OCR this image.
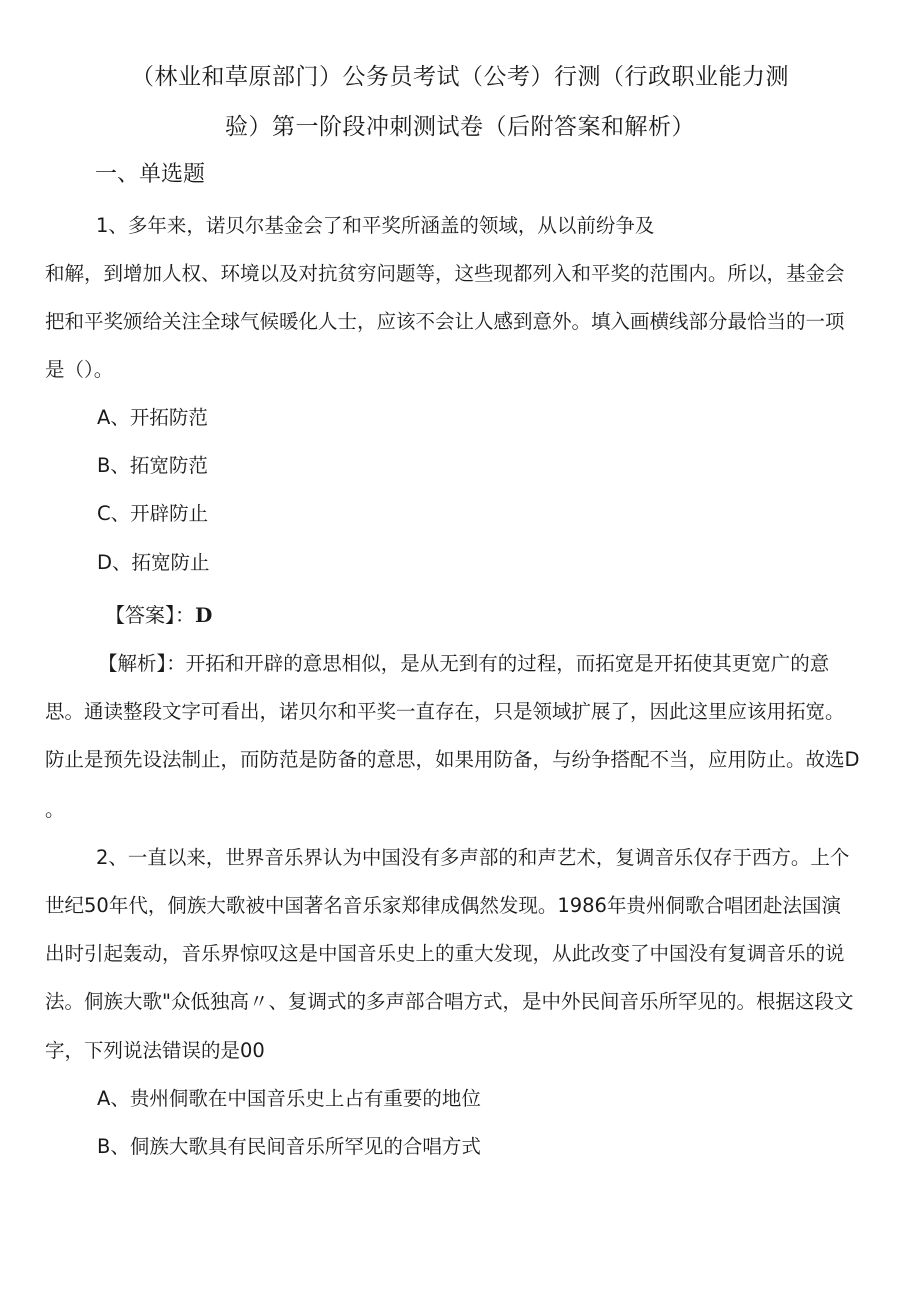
（林业和草原部门）公务员考试（公考）行测（行政职业能力测
验）第一阶段冲刺测试卷（后附答案和解析）
一、单选题
1、多年来，诺贝尔基金会了和平奖所涵盖的领域，从以前纷争及
和解，到增加人权、环境以及对抗贫穷问题等，这些现都列入和平奖的范围内。所以，基金会
把和平奖颁给关注全球气候暖化人士，应该不会让人感到意外。填入画横线部分最恰当的一项
是（）。
A、开拓防范
B、拓宽防范
C、开辟防止
D、拓宽防止
【答案】：D
【解析】：开拓和开辟的意思相似，是从无到有的过程，而拓宽是开拓使其更宽广的意
思。通读整段文字可看出，诺贝尔和平奖一直存在，只是领域扩展了，因此这里应该用拓宽。
防止是预先设法制止，而防范是防备的意思，如果用防备，与纷争搭配不当，应用防止。故选D
。
2、一直以来，世界音乐界认为中国没有多声部的和声艺术，复调音乐仅存于西方。上个
世纪50年代，侗族大歌被中国著名音乐家郑律成偶然发现。1986年贵州侗歌合唱团赴法国演
出时引起轰动，音乐界惊叹这是中国音乐史上的重大发现，从此改变了中国没有复调音乐的说
法。侗族大歌"众低独高〃、复调式的多声部合唱方式，是中外民间音乐所罕见的。根据这段文
字，下列说法错误的是00
A、贵州侗歌在中国音乐史上占有重要的地位
B、侗族大歌具有民间音乐所罕见的合唱方式
